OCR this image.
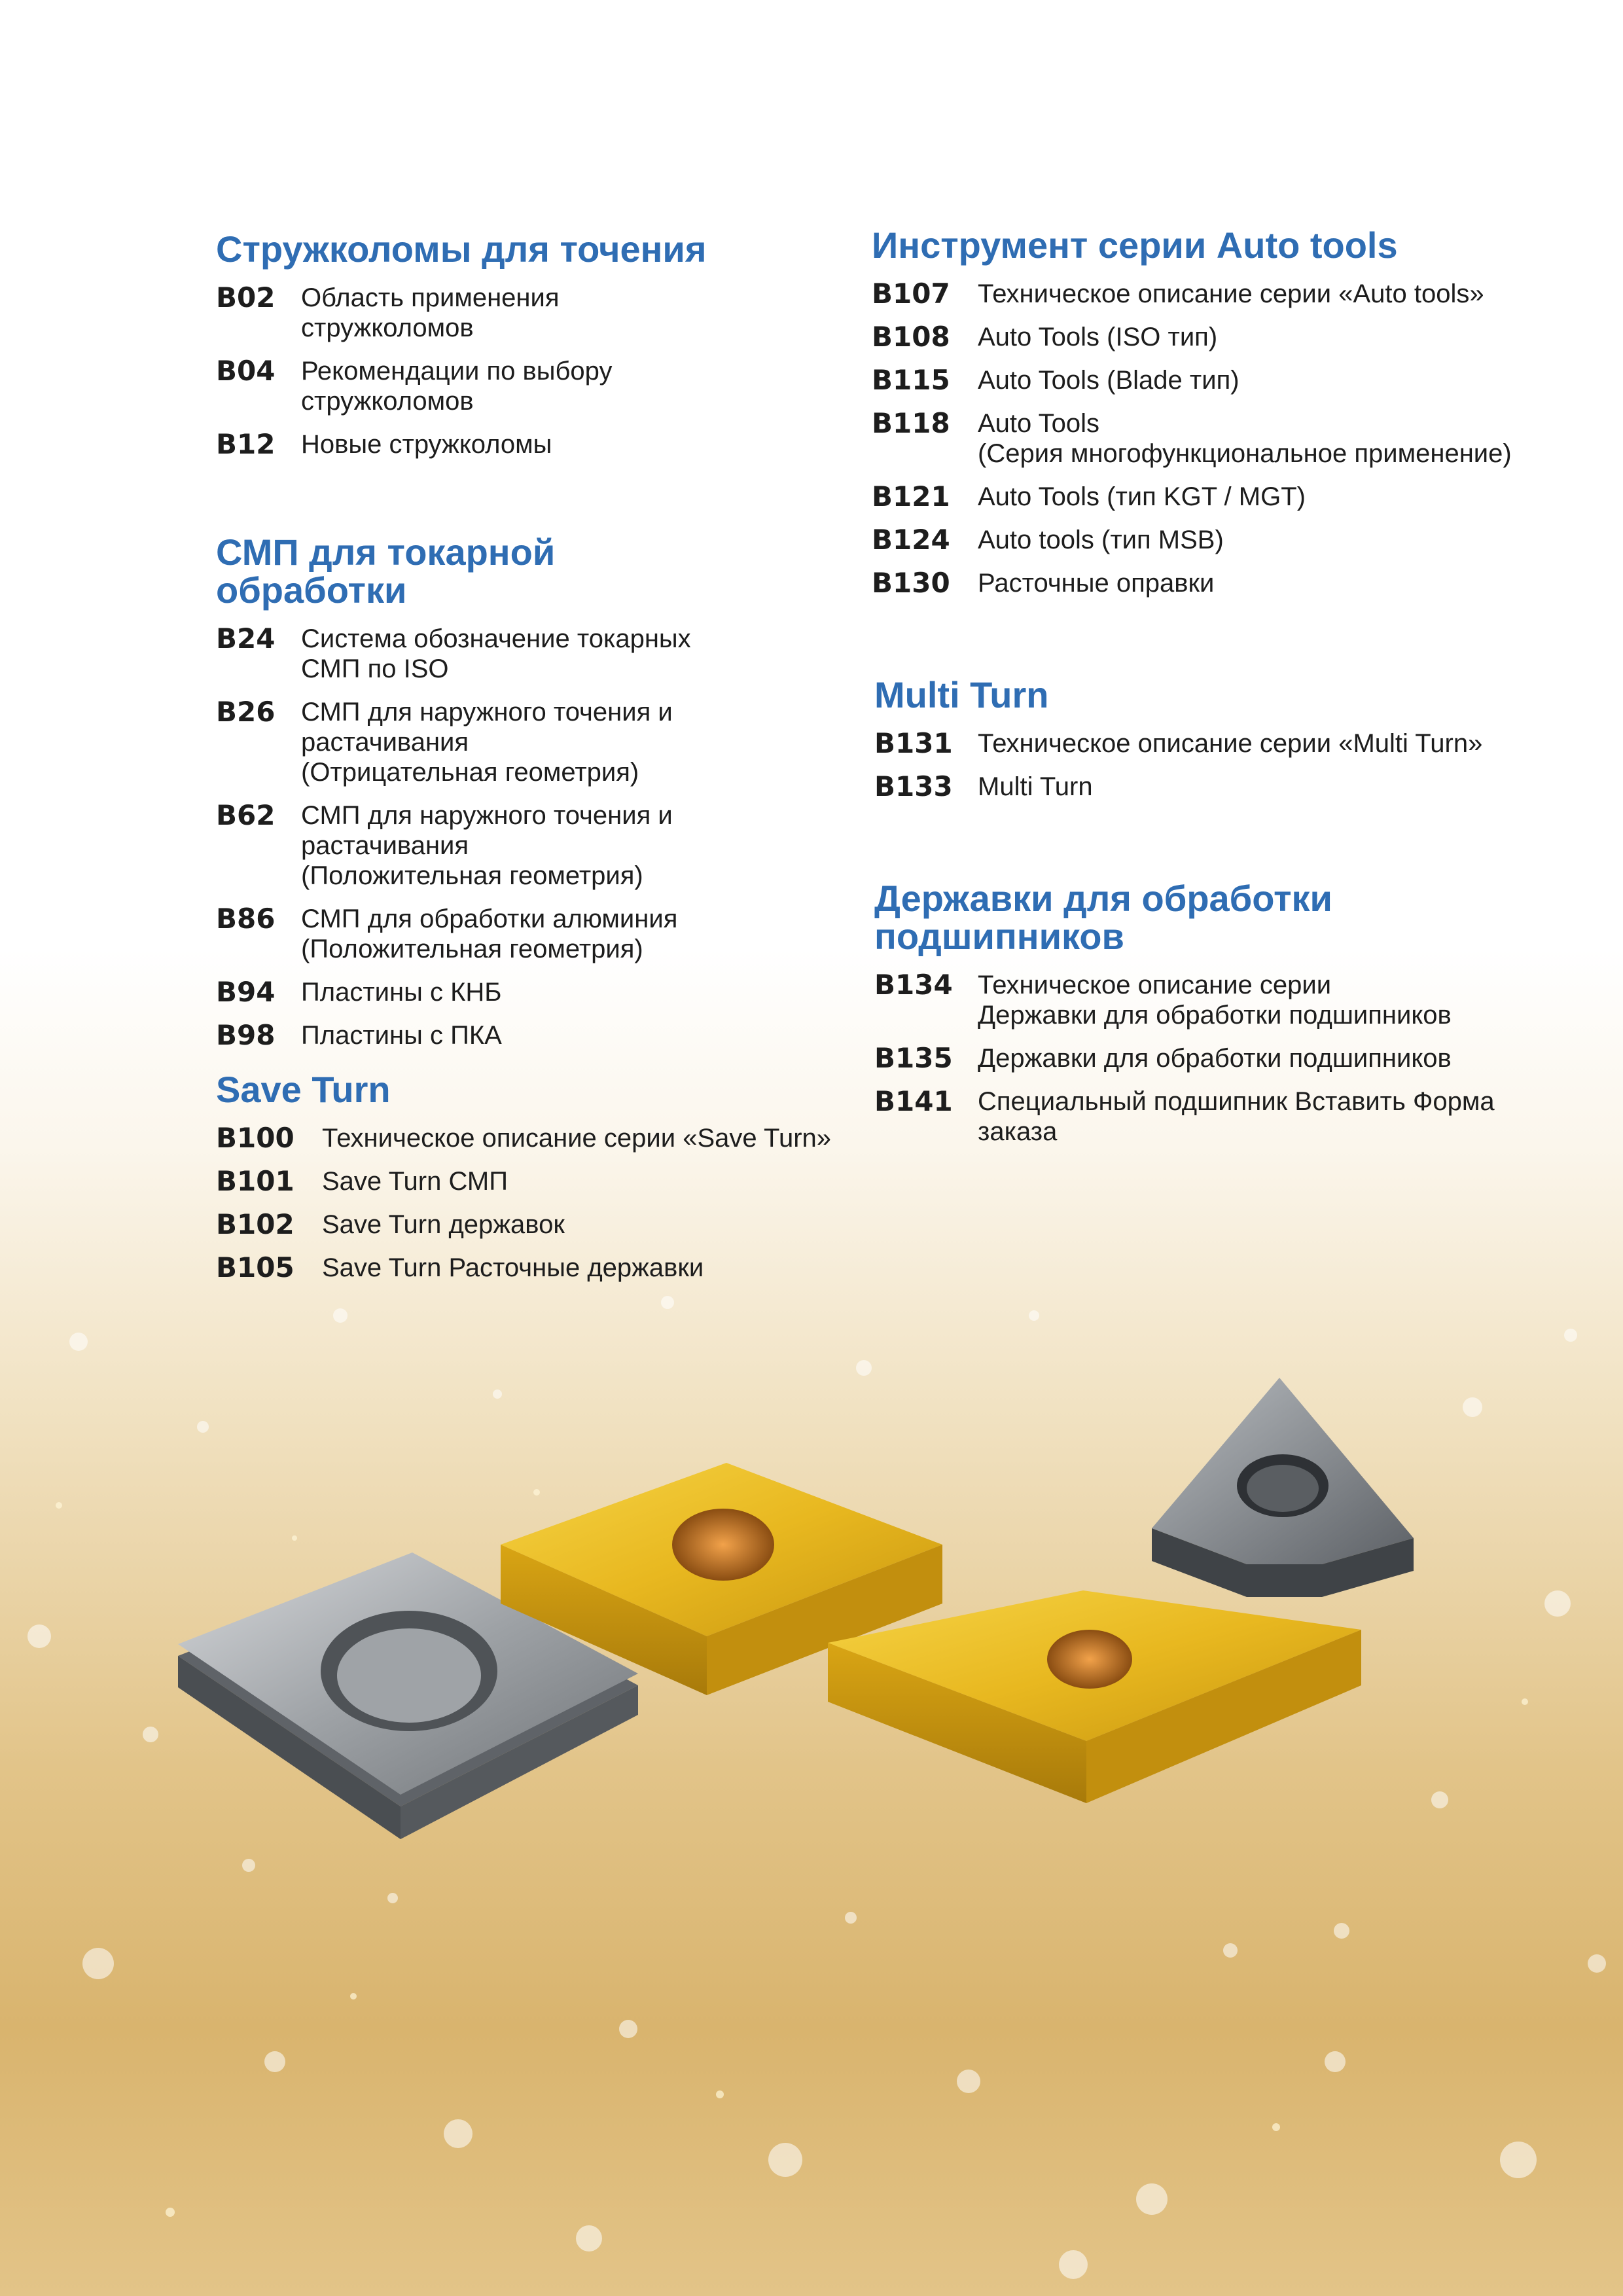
Стружколомы для точения
B02 Область применения
стружколомов
B04 Рекомендации по выбору
стружколомов
B12 Новые стружколомы
СМП для токарной
обработки
B24 Система обозначение токарных
СМП по ISO
B26 СМП для наружного точения и растачивания
(Отрицательная геометрия)
B62 СМП для наружного точения и растачивания
(Положительная геометрия)
B86 СМП для обработки алюминия
(Положительная геометрия)
B94 Пластины с КНБ
B98 Пластины с ПКА
Save Turn
B100	Техническое описание серии «Save Turn»
B101	Save Turn СМП
B102	Save Turn державок
B105	Save Turn Расточные державки
Инструмент серии Auto tools
B107	Техническое описание серии «Auto tools»
B108	Auto Tools (ISO тип)
B115	Auto Tools (Blade тип)
B118	Auto Tools
(Серия многофункциональное применение)
B121	Auto Tools (тип KGT / MGT)
B124	Auto tools (тип MSB)
B130	Расточные оправки
Multi Turn
B131 Техническое описание серии «Multi Turn»
B133 Multi Turn
Державки для обработки
подшипников
B134 Техническое описание серии
Державки для обработки подшипников
B135 Державки для обработки подшипников
B141 Специальный подшипник Вставить Форма
заказа
